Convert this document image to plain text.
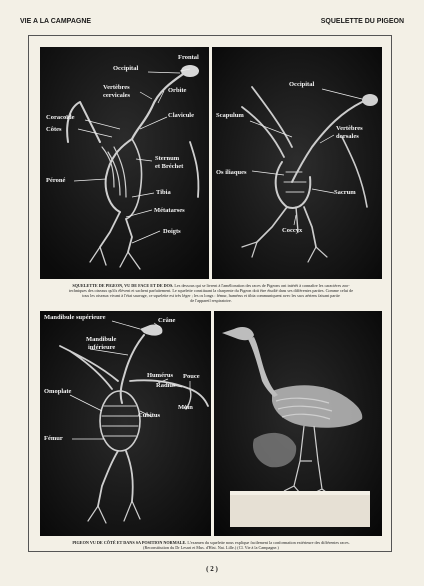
VIE A LA CAMPAGNE	SQUELETTE DU PIGEON
Frontal
Occipital
Vertèbres
cervicales
Orbite
Coracoïde
Côtes
Clavicule
Sternum
et Bréchet
Péroné
Tibia
Métatarses
Doigts
Occipital
Scapulum
Vertèbres
dorsales
Os iliaques
Sacrum
Coccyx
SQUELETTE DE PIGEON, VU DE FACE ET DE DOS. Les dessous qui se livrent à l'amélioration des races de Pigeons ont intérêt à connaître les caractères zoo-
techniques des oiseaux qu'ils élèvent et sachent parfaitement. Le squelette constituant la charpente du Pigeon doit être étudié dans ses différentes parties. Comme celui de
tous les oiseaux vivant à l'état sauvage, ce squelette est très léger ; les os longs : fémur, humérus et tibia communiquent avec les sacs aériens faisant partie
de l'appareil respiratoire.
Mandibule supérieure	Crâne
Mandibule
inférieure
Humérus Pouce
Radius
Omoplate
Main
Cubitus
Fémur
PIGEON VU DE CÔTÉ ET DANS SA POSITION NORMALE. L'examen du squelette nous explique facilement la conformation extérieure des différentes races.
(Reconstitution du Dr Lesart et Mus. d'Hist. Nat. Lille.) (Cl. Vie à la Campagne.)
( 2 )
